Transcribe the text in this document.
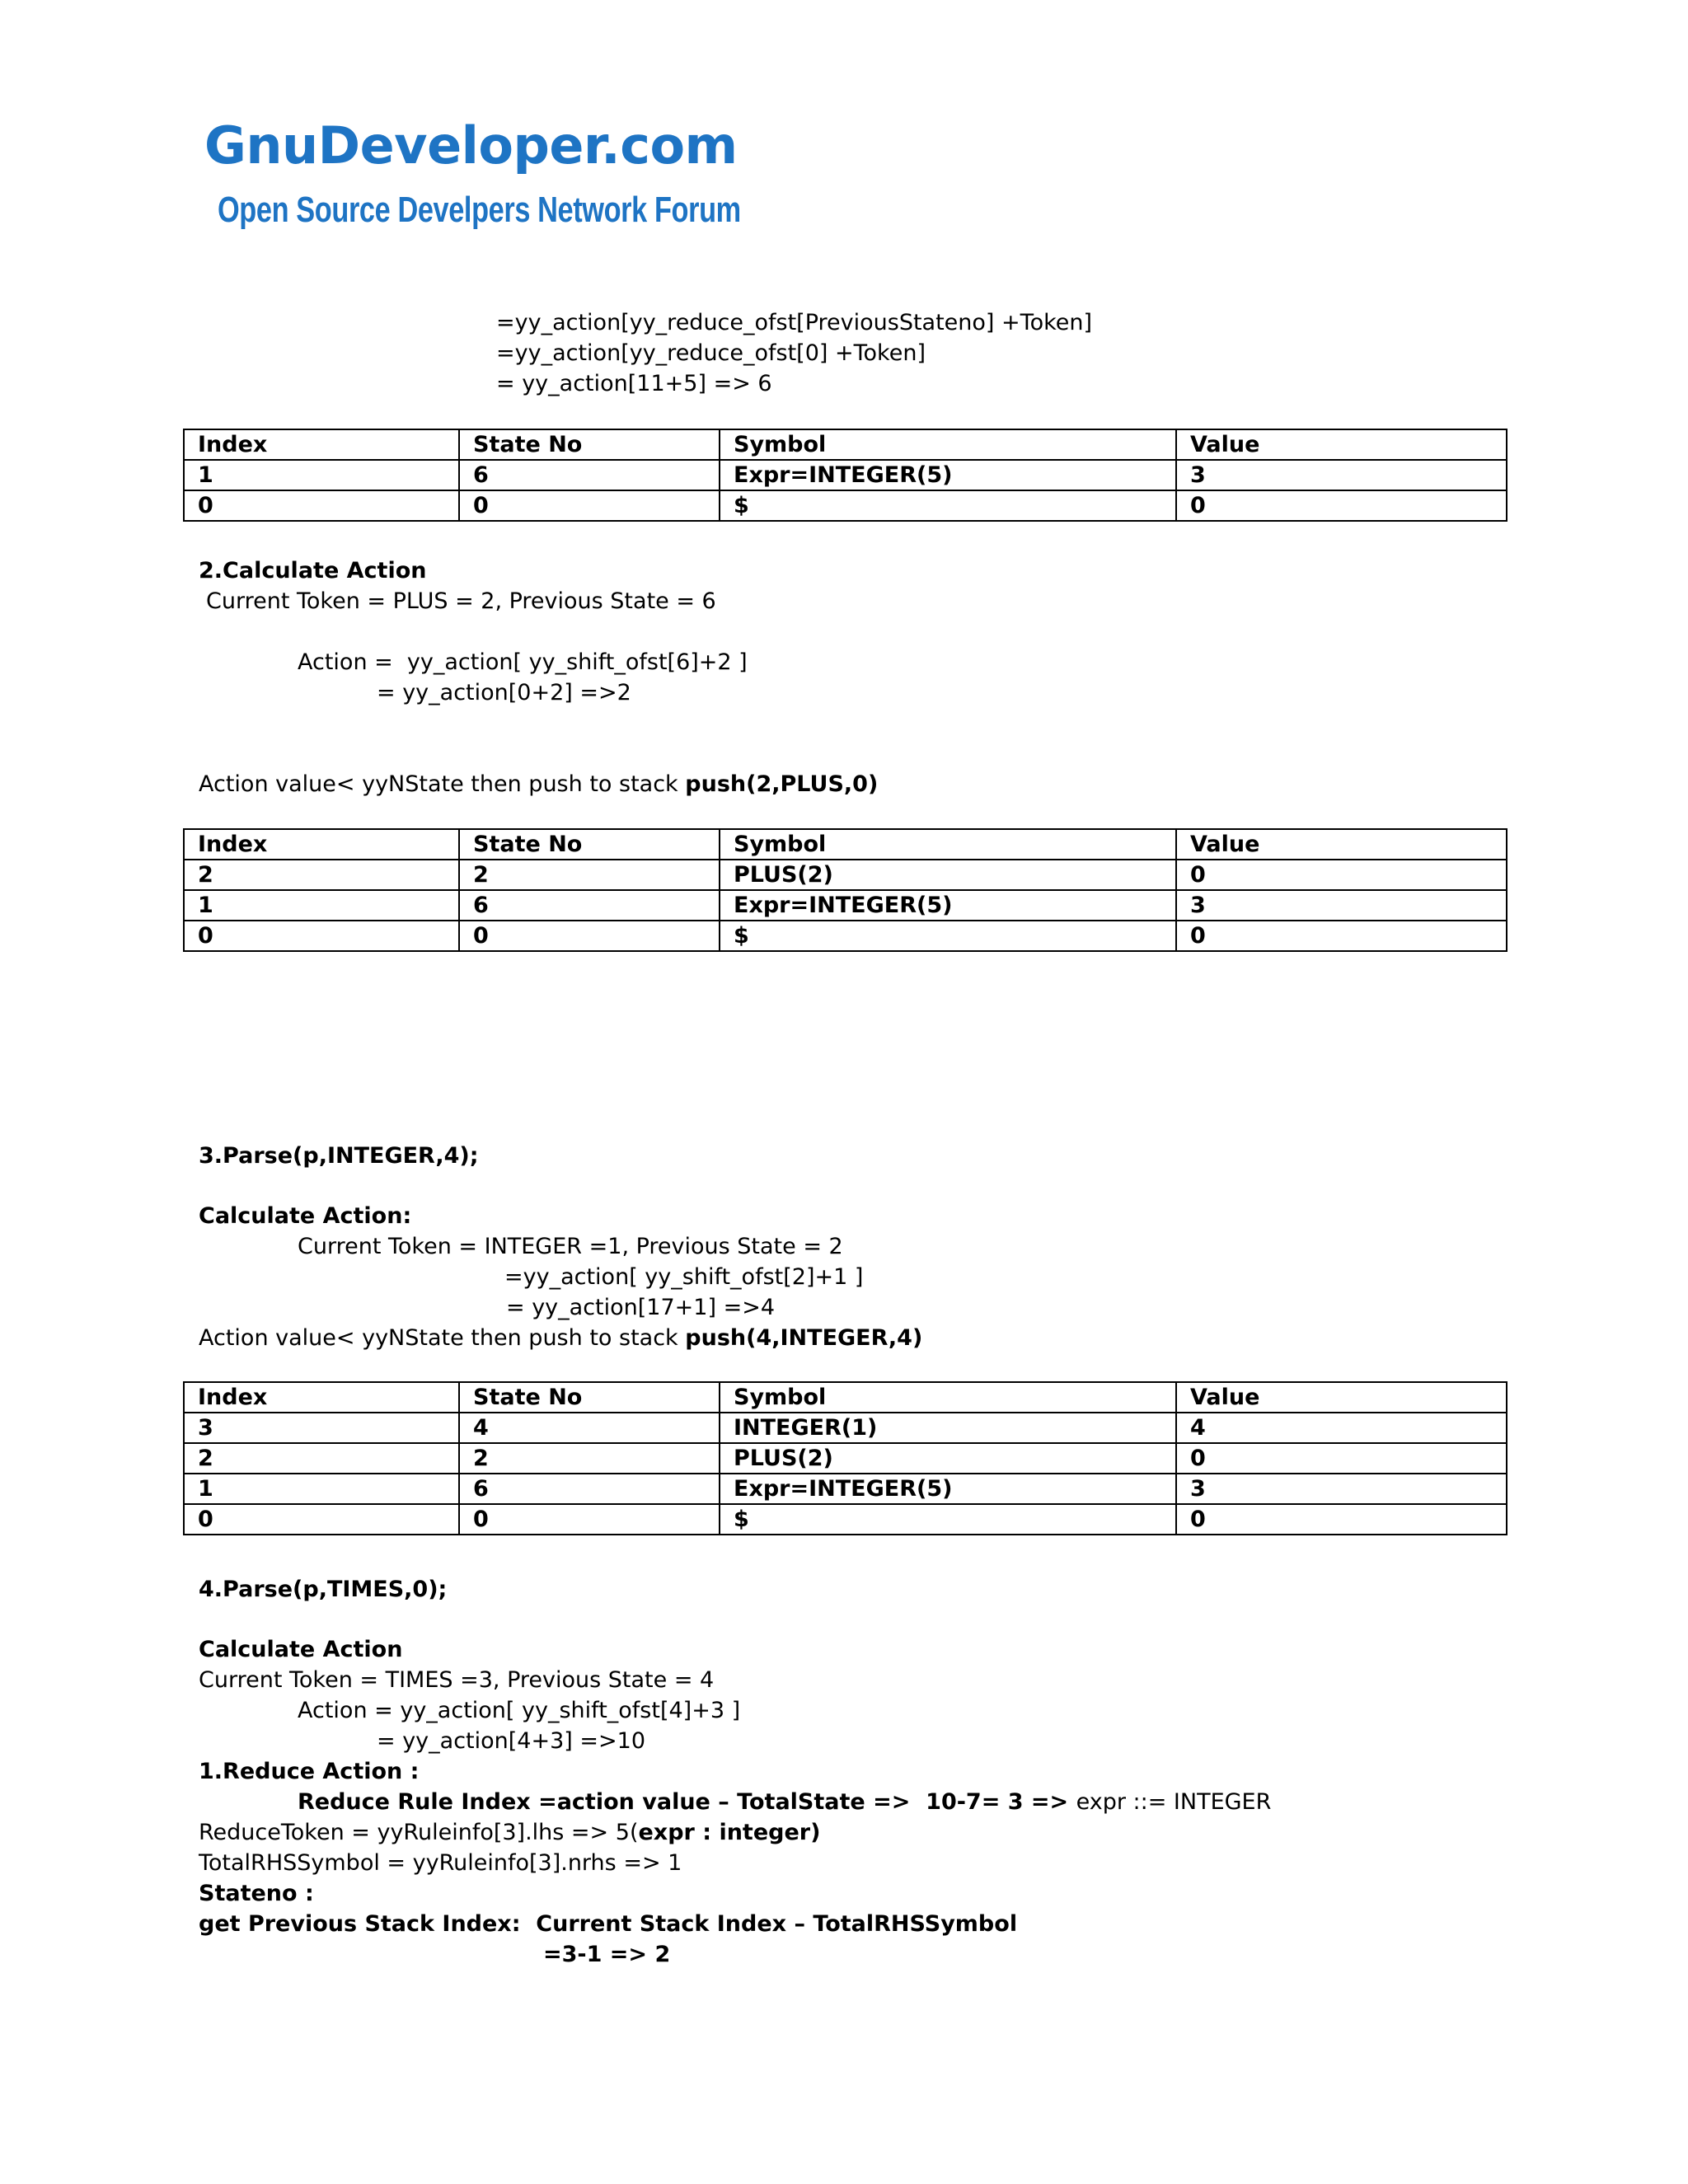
GnuDeveloper.com
Open Source Develpers Network Forum
=yy_action[yy_reduce_ofst[PreviousStateno] +Token]
=yy_action[yy_reduce_ofst[0] +Token]
= yy_action[11+5] => 6
Index	State No	Symbol	Value
1	6	Expr=INTEGER(5)	3
0	0	$	0
2.Calculate Action
Current Token = PLUS = 2, Previous State = 6
Action =  yy_action[ yy_shift_ofst[6]+2 ]
= yy_action[0+2] =>2
Action value< yyNState then push to stack push(2,PLUS,0)
Index	State No	Symbol	Value
2	2	PLUS(2)	0
1	6	Expr=INTEGER(5)	3
0	0	$	0
3.Parse(p,INTEGER,4);
Calculate Action:
Current Token = INTEGER =1, Previous State = 2
=yy_action[ yy_shift_ofst[2]+1 ]
= yy_action[17+1] =>4
Action value< yyNState then push to stack push(4,INTEGER,4)
Index	State No	Symbol	Value
3	4	INTEGER(1)	4
2	2	PLUS(2)	0
1	6	Expr=INTEGER(5)	3
0	0	$	0
4.Parse(p,TIMES,0);
Calculate Action
Current Token = TIMES =3, Previous State = 4
Action = yy_action[ yy_shift_ofst[4]+3 ]
= yy_action[4+3] =>10
1.Reduce Action :
Reduce Rule Index =action value – TotalState =>  10-7= 3 => expr ::= INTEGER
ReduceToken = yyRuleinfo[3].lhs => 5(expr : integer)
TotalRHSSymbol = yyRuleinfo[3].nrhs => 1
Stateno :
get Previous Stack Index:  Current Stack Index – TotalRHSSymbol
=3-1 => 2
